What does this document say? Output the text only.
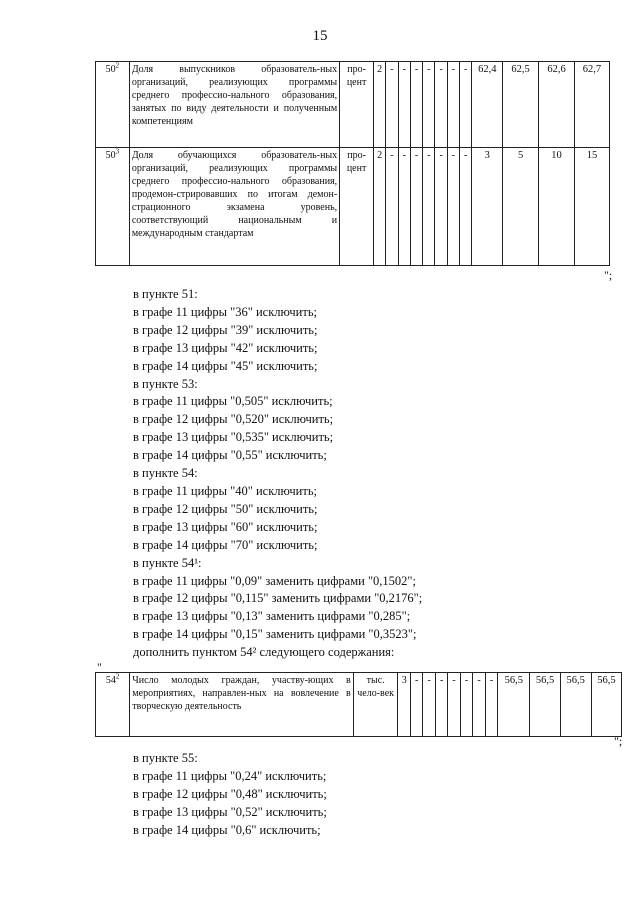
15
$50^2$	Доля выпускников образователь-ных организаций, реализующих программы среднего профессио-нального образования, занятых по виду деятельности и полученным компетенциям	про-цент	2	-	-	-	-	-	-	-	62,4	62,5	62,6	62,7
$50^3$	Доля обучающихся образователь-ных организаций, реализующих программы среднего профессио-нального образования, продемон-стрировавших по итогам демон-страционного экзамена уровень, соответствующий национальным и международным стандартам	про-цент	2	-	-	-	-	-	-	-	3	5	10	15
";
в пункте 51:
в графе 11 цифры "36" исключить;
в графе 12 цифры "39" исключить;
в графе 13 цифры "42" исключить;
в графе 14 цифры "45" исключить;
в пункте 53:
в графе 11 цифры "0,505" исключить;
в графе 12 цифры "0,520" исключить;
в графе 13 цифры "0,535" исключить;
в графе 14 цифры "0,55" исключить;
в пункте 54:
в графе 11 цифры "40" исключить;
в графе 12 цифры "50" исключить;
в графе 13 цифры "60" исключить;
в графе 14 цифры "70" исключить;
в пункте 54¹:
в графе 11 цифры "0,09" заменить цифрами "0,1502";
в графе 12 цифры "0,115" заменить цифрами "0,2176";
в графе 13 цифры "0,13" заменить цифрами "0,285";
в графе 14 цифры "0,15" заменить цифрами "0,3523";
дополнить пунктом 54² следующего содержания:
"
$54^2$	Число молодых граждан, участву-ющих в мероприятиях, направлен-ных на вовлечение в творческую деятельность	тыс. чело-век	3	-	-	-	-	-	-	-	56,5	56,5	56,5	56,5
";
в пункте 55:
в графе 11 цифры "0,24" исключить;
в графе 12 цифры "0,48" исключить;
в графе 13 цифры "0,52" исключить;
в графе 14 цифры "0,6" исключить;
